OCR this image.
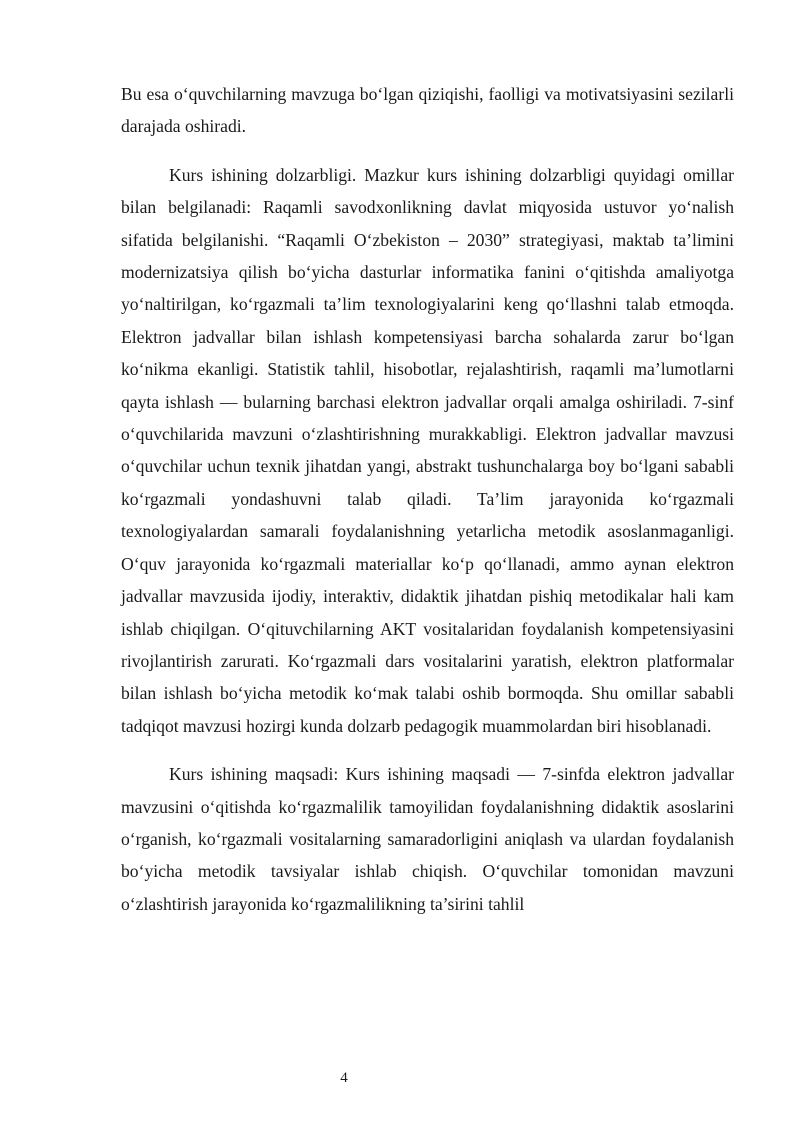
Bu esa o‘quvchilarning mavzuga bo‘lgan qiziqishi, faolligi va motivatsiyasini sezilarli darajada oshiradi.

Kurs ishining dolzarbligi. Mazkur kurs ishining dolzarbligi quyidagi omillar bilan belgilanadi: Raqamli savodxonlikning davlat miqyosida ustuvor yo‘nalish sifatida belgilanishi. “Raqamli O‘zbekiston – 2030” strategiyasi, maktab ta’limini modernizatsiya qilish bo‘yicha dasturlar informatika fanini o‘qitishda amaliyotga yo‘naltirilgan, ko‘rgazmali ta’lim texnologiyalarini keng qo‘llashni talab etmoqda. Elektron jadvallar bilan ishlash kompetensiyasi barcha sohalarda zarur bo‘lgan ko‘nikma ekanligi. Statistik tahlil, hisobotlar, rejalashtirish, raqamli ma’lumotlarni qayta ishlash — bularning barchasi elektron jadvallar orqali amalga oshiriladi. 7-sinf o‘quvchilarida mavzuni o‘zlashtirishning murakkabligi. Elektron jadvallar mavzusi o‘quvchilar uchun texnik jihatdan yangi, abstrakt tushunchalarga boy bo‘lgani sababli ko‘rgazmali yondashuvni talab qiladi. Ta’lim jarayonida ko‘rgazmali texnologiyalardan samarali foydalanishning yetarlicha metodik asoslanmaganligi. O‘quv jarayonida ko‘rgazmali materiallar ko‘p qo‘llanadi, ammo aynan elektron jadvallar mavzusida ijodiy, interaktiv, didaktik jihatdan pishiq metodikalar hali kam ishlab chiqilgan. O‘qituvchilarning AKT vositalaridan foydalanish kompetensiyasini rivojlantirish zarurati. Ko‘rgazmali dars vositalarini yaratish, elektron platformalar bilan ishlash bo‘yicha metodik ko‘mak talabi oshib bormoqda. Shu omillar sababli tadqiqot mavzusi hozirgi kunda dolzarb pedagogik muammolardan biri hisoblanadi.

Kurs ishining maqsadi: Kurs ishining maqsadi — 7-sinfda elektron jadvallar mavzusini o‘qitishda ko‘rgazmalilik tamoyilidan foydalanishning didaktik asoslarini o‘rganish, ko‘rgazmali vositalarning samaradorligini aniqlash va ulardan foydalanish bo‘yicha metodik tavsiyalar ishlab chiqish. O‘quvchilar tomonidan mavzuni o‘zlashtirish jarayonida ko‘rgazmalilikning ta’sirini tahlil

4
